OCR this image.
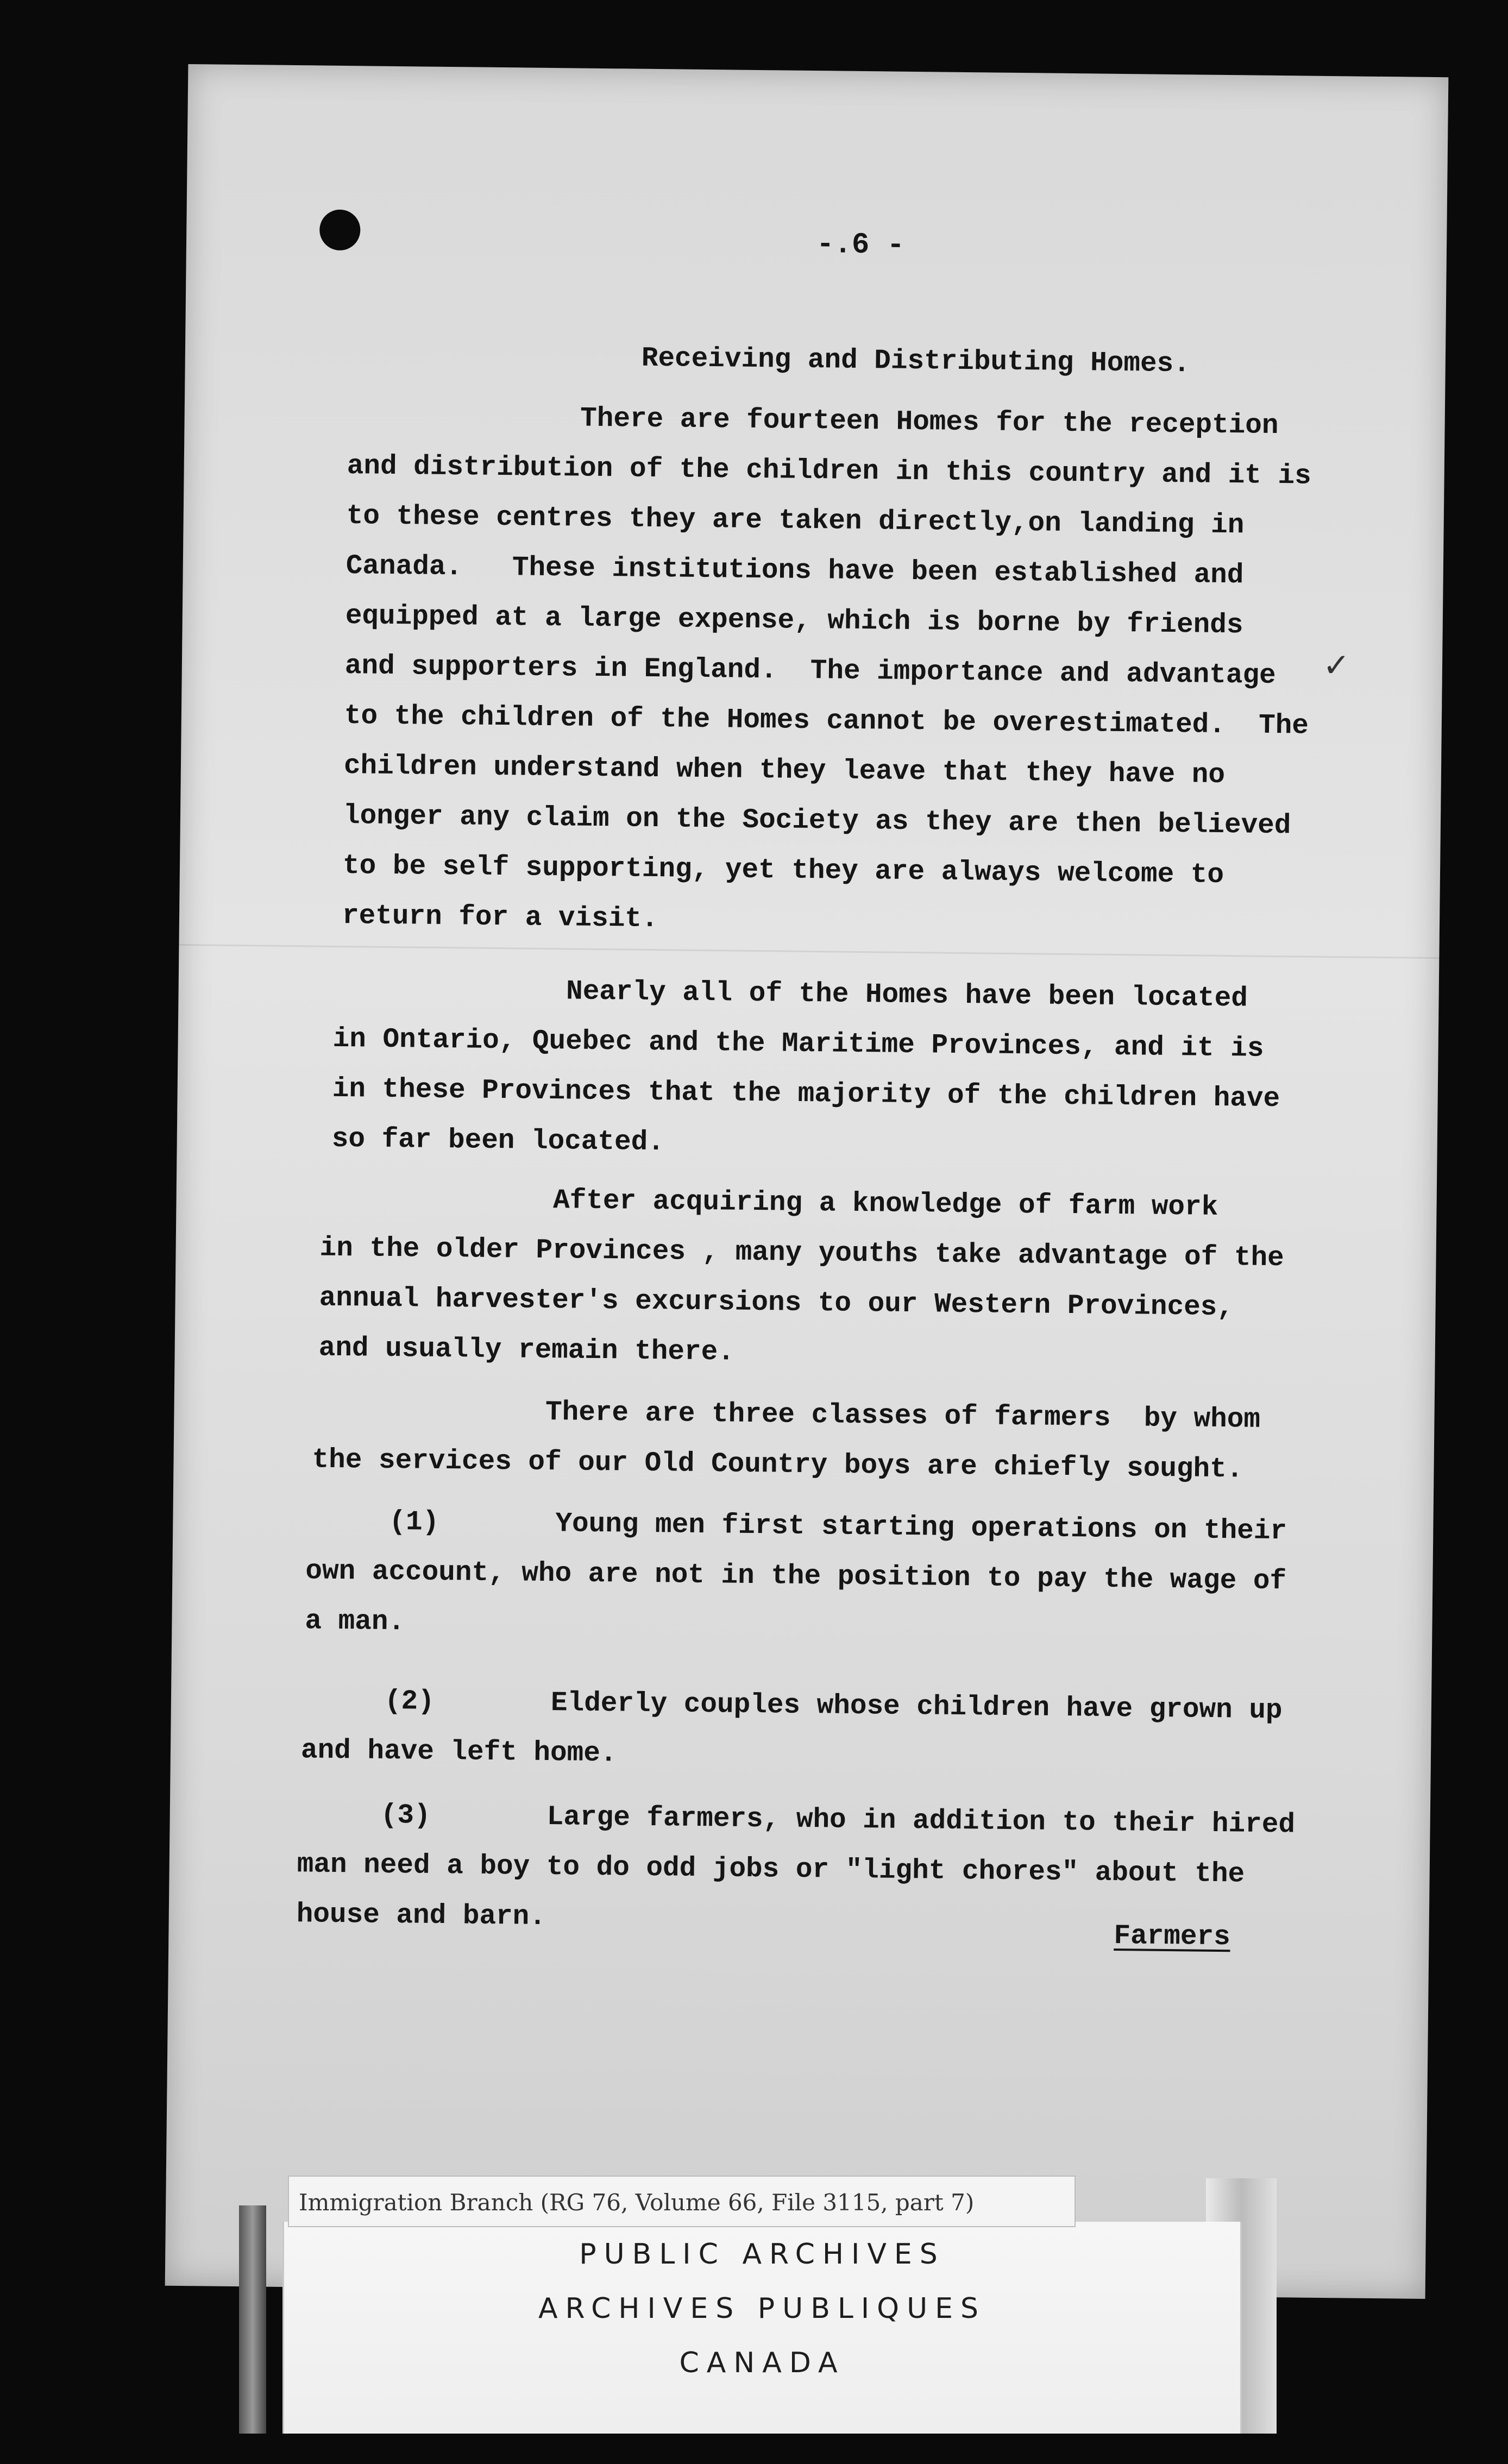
✓
-.6 -
Receiving and Distributing Homes.
There are fourteen Homes for the reception
and distribution of the children in this country and it is
to these centres they are taken directly,on landing in
Canada.   These institutions have been established and
equipped at a large expense, which is borne by friends
and supporters in England.  The importance and advantage
to the children of the Homes cannot be overestimated.  The
children understand when they leave that they have no
longer any claim on the Society as they are then believed
to be self supporting, yet they are always welcome to
return for a visit.
Nearly all of the Homes have been located
in Ontario, Quebec and the Maritime Provinces, and it is
in these Provinces that the majority of the children have
so far been located.
After acquiring a knowledge of farm work
in the older Provinces , many youths take advantage of the
annual harvester's excursions to our Western Provinces,
and usually remain there.
There are three classes of farmers  by whom
the services of our Old Country boys are chiefly sought.
(1)       Young men first starting operations on their
own account, who are not in the position to pay the wage of
a man.
(2)       Elderly couples whose children have grown up
and have left home.
(3)       Large farmers, who in addition to their hired
man need a boy to do odd jobs or "light chores" about the
house and barn.
Farmers
PUBLIC ARCHIVES
ARCHIVES PUBLIQUES
CANADA
Immigration Branch (RG 76, Volume 66, File 3115, part 7)
